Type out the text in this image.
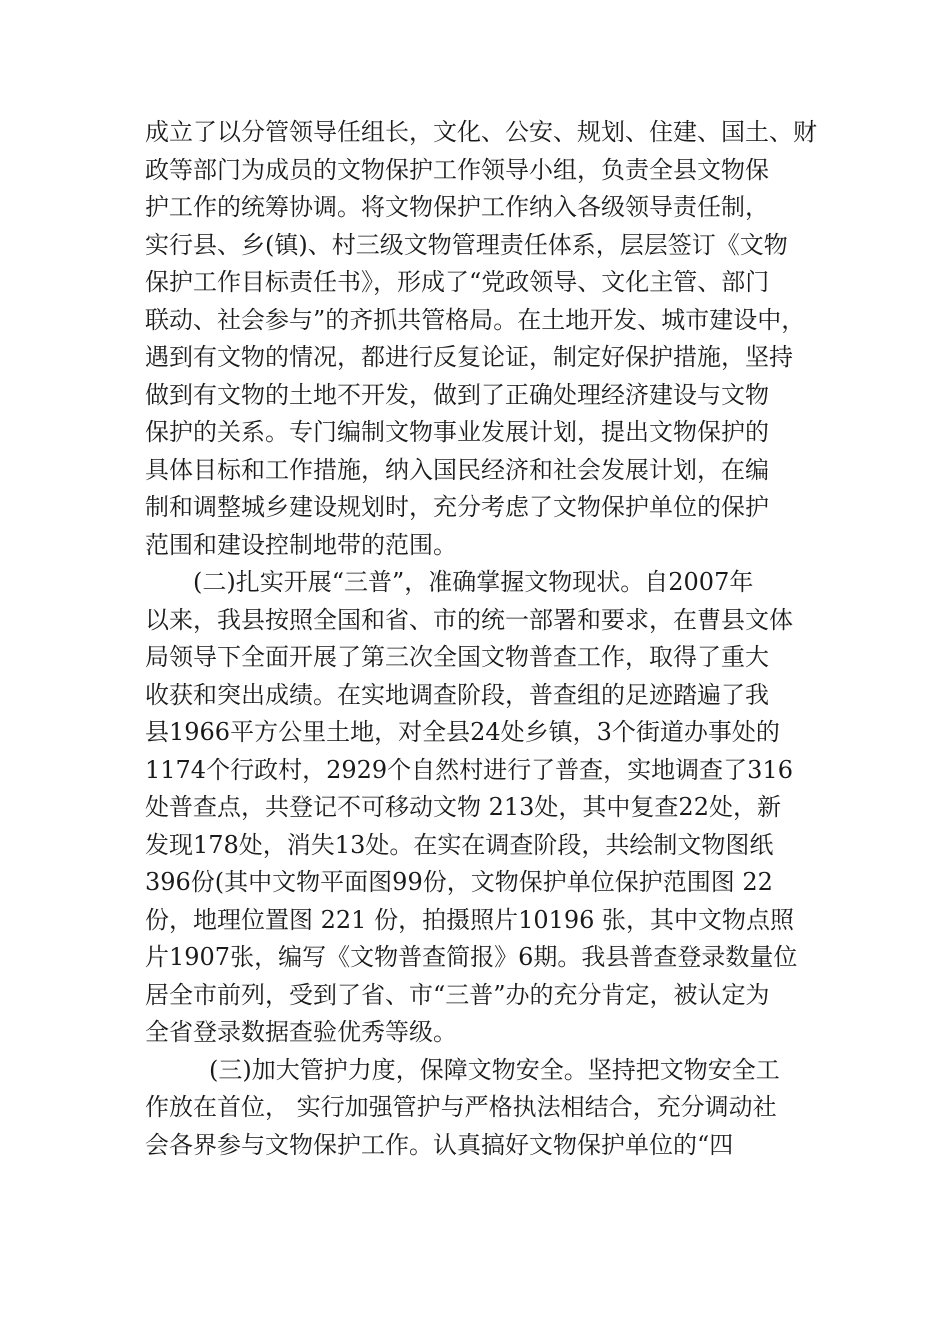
成立了以分管领导任组长，文化、公安、规划、住建、国土、财
政等部门为成员的文物保护工作领导小组，负责全县文物保
护工作的统筹协调。将文物保护工作纳入各级领导责任制，
实行县、乡(镇)、村三级文物管理责任体系，层层签订《文物
保护工作目标责任书》，形成了“党政领导、文化主管、部门
联动、社会参与”的齐抓共管格局。在土地开发、城市建设中，
遇到有文物的情况，都进行反复论证，制定好保护措施，坚持
做到有文物的土地不开发，做到了正确处理经济建设与文物
保护的关系。专门编制文物事业发展计划，提出文物保护的
具体目标和工作措施，纳入国民经济和社会发展计划，在编
制和调整城乡建设规划时，充分考虑了文物保护单位的保护
范围和建设控制地带的范围。
(二)扎实开展“三普”，准确掌握文物现状。自2007年
以来，我县按照全国和省、市的统一部署和要求，在曹县文体
局领导下全面开展了第三次全国文物普查工作，取得了重大
收获和突出成绩。在实地调查阶段，普查组的足迹踏遍了我
县1966平方公里土地，对全县24处乡镇，3个街道办事处的
1174个行政村，2929个自然村进行了普查，实地调查了316
处普查点，共登记不可移动文物 213处，其中复查22处，新
发现178处，消失13处。在实在调查阶段，共绘制文物图纸
396份(其中文物平面图99份，文物保护单位保护范围图 22
份，地理位置图 221 份，拍摄照片10196 张，其中文物点照
片1907张，编写《文物普查简报》6期。我县普查登录数量位
居全市前列，受到了省、市“三普”办的充分肯定，被认定为
全省登录数据查验优秀等级。
(三)加大管护力度，保障文物安全。坚持把文物安全工
作放在首位， 实行加强管护与严格执法相结合，充分调动社
会各界参与文物保护工作。认真搞好文物保护单位的“四
